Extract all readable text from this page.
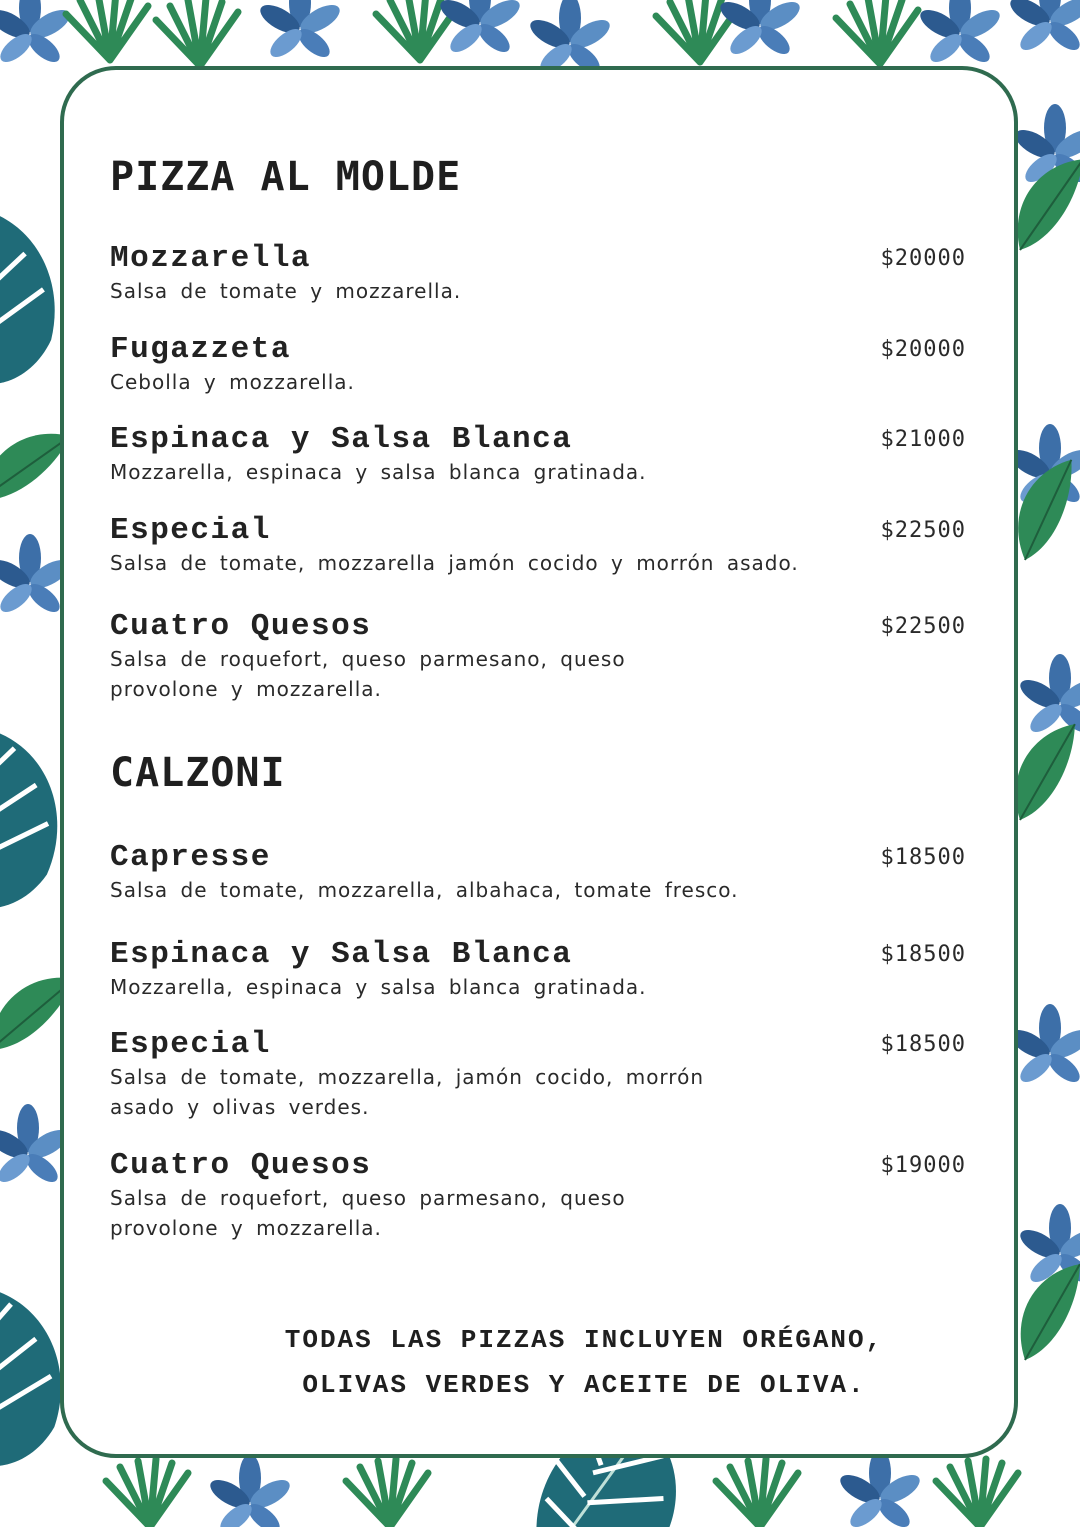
PIZZA AL MOLDE
Mozzarella
Salsa de tomate y mozzarella.
$20000
Fugazzeta
Cebolla y mozzarella.
$20000
Espinaca y Salsa Blanca
Mozzarella, espinaca y salsa blanca gratinada.
$21000
Especial
Salsa de tomate, mozzarella jamón cocido y morrón asado.
$22500
Cuatro Quesos
Salsa de roquefort, queso parmesano, queso provolone y mozzarella.
$22500
CALZONI
Capresse
Salsa de tomate, mozzarella, albahaca, tomate fresco.
$18500
Espinaca y Salsa Blanca
Mozzarella, espinaca y salsa blanca gratinada.
$18500
Especial
Salsa de tomate, mozzarella, jamón cocido, morrón asado y olivas verdes.
$18500
Cuatro Quesos
Salsa de roquefort, queso parmesano, queso provolone y mozzarella.
$19000
TODAS LAS PIZZAS INCLUYEN ORÉGANO,
OLIVAS VERDES Y ACEITE DE OLIVA.
